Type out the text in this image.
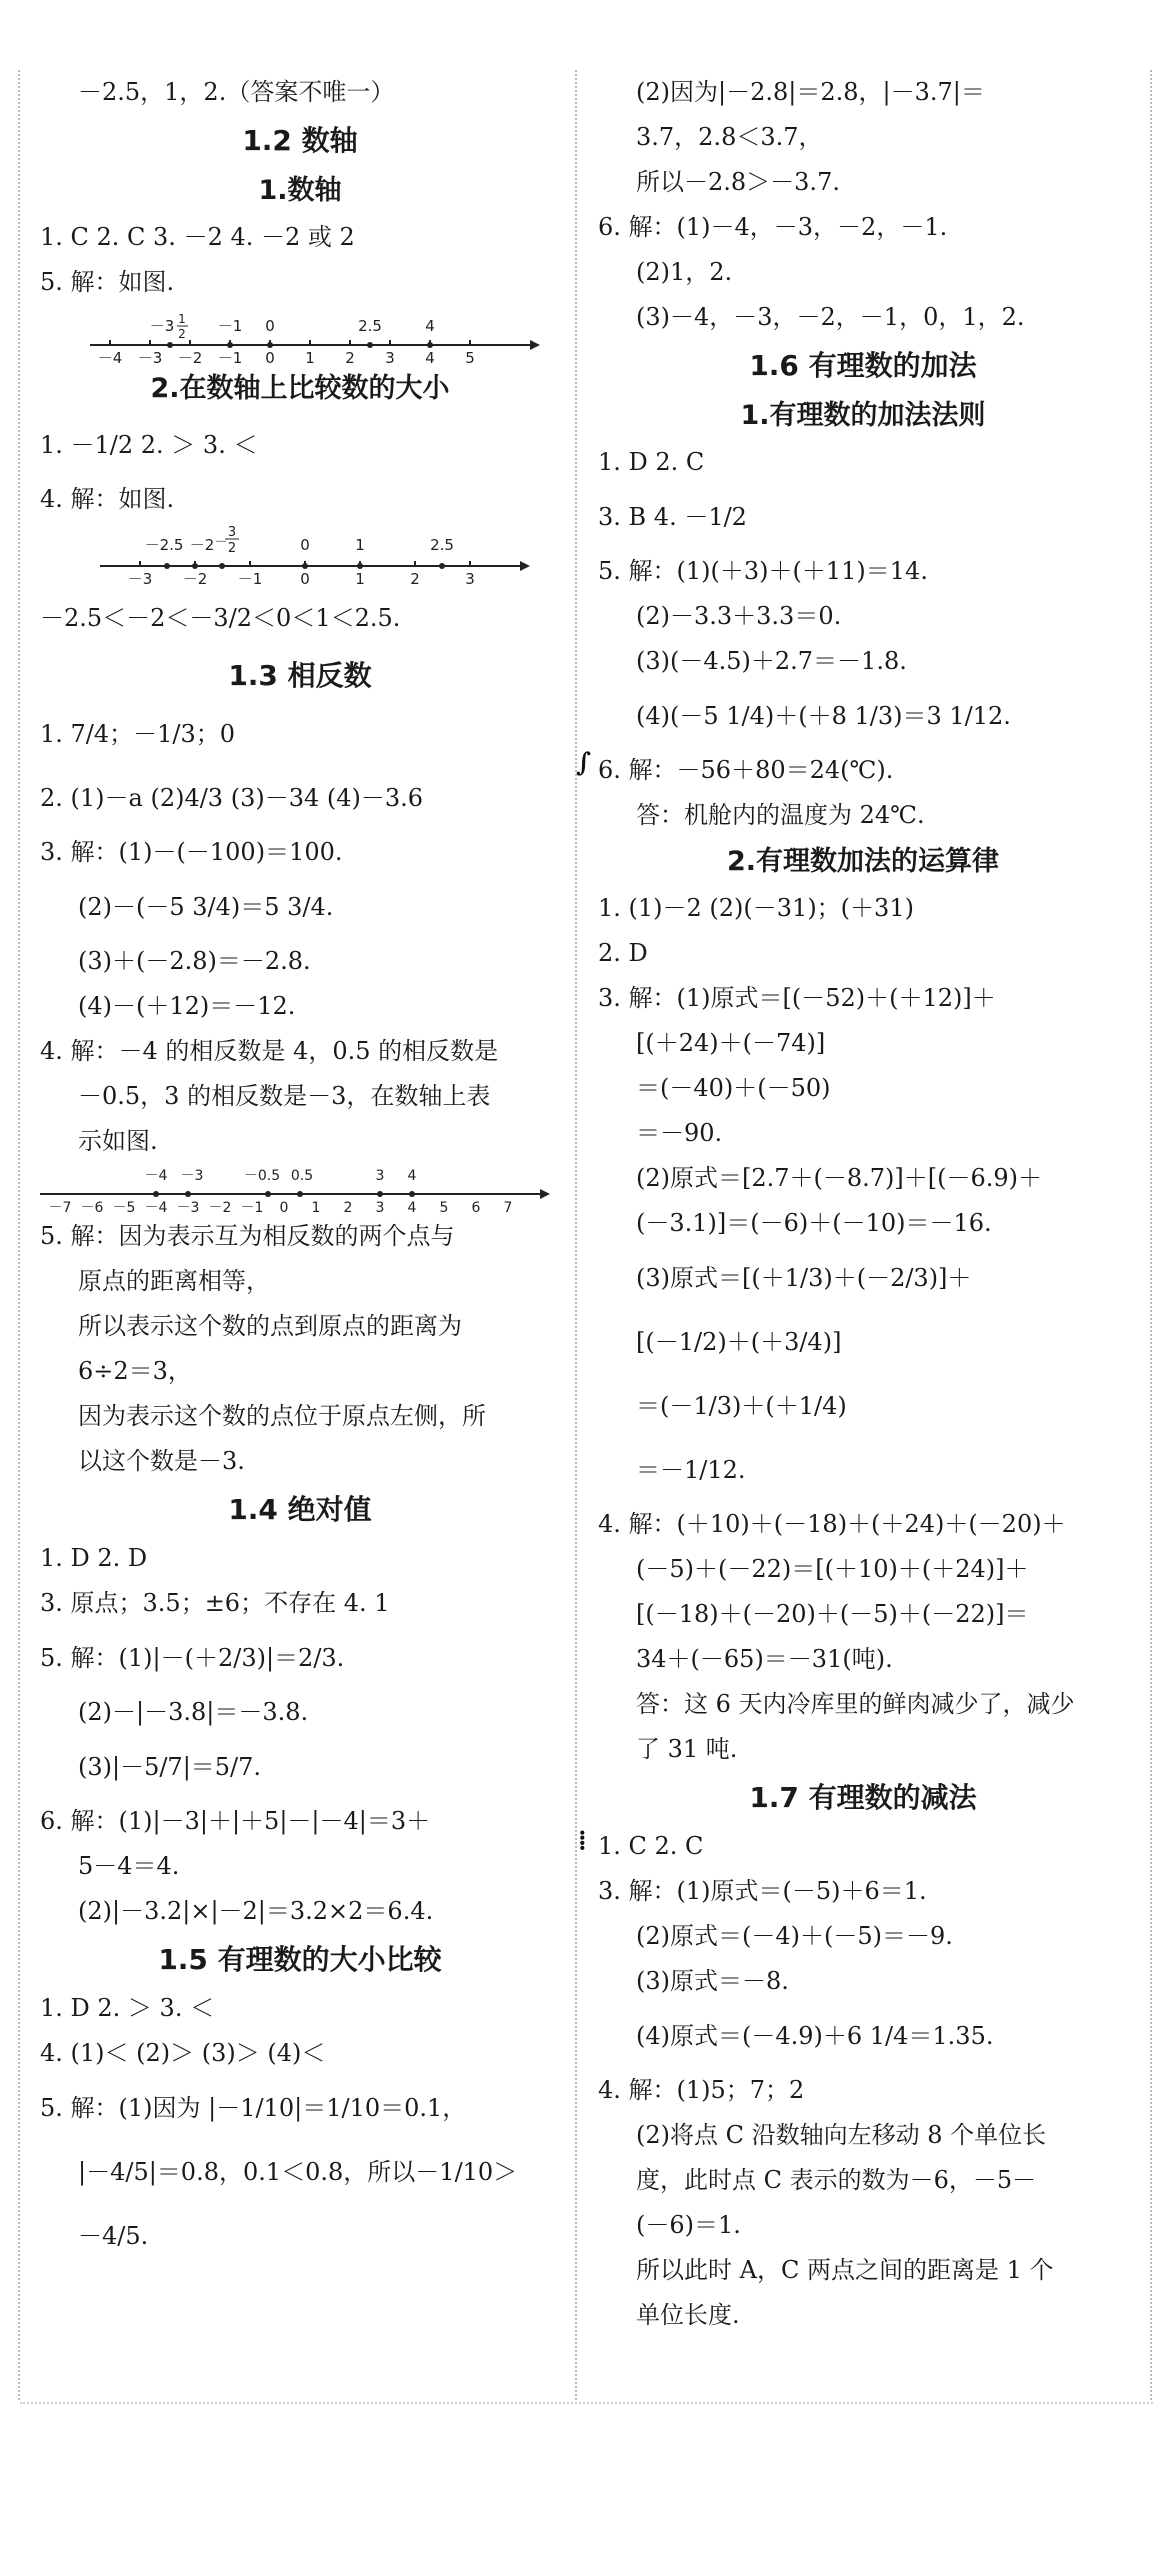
∫
⁞
－2.5，1，2.（答案不唯一）
1.2 数轴
1.数轴
1. C 2. C 3. －2 4. －2 或 2
5. 解：如图.
－4 －3 －2 －1 0 1 2 3 4 5
－3 1
2 －1 0	2.5	4
2.在数轴上比较数的大小
1. －1/2 2. ＞ 3. ＜
4. 解：如图.
－3 －2 －1	0	1	2	3
－2.5 －2
3
2
－	0	1	2.5
－2.5＜－2＜－3/2＜0＜1＜2.5.
1.3 相反数
1. 7/4；－1/3；0
2. (1)－a (2)4/3 (3)－34 (4)－3.6
3. 解：(1)－(－100)＝100.
(2)－(－5 3/4)＝5 3/4.
(3)＋(－2.8)＝－2.8.
(4)－(＋12)＝－12.
4. 解：－4 的相反数是 4，0.5 的相反数是
－0.5，3 的相反数是－3，在数轴上表
示如图.
－7 －6 －5 －4 －3 －2 －1 0 1 2 3 4 5 6 7
－4 －3	－0.5 0.5	3 4
5. 解：因为表示互为相反数的两个点与
原点的距离相等，
所以表示这个数的点到原点的距离为
6÷2＝3，
因为表示这个数的点位于原点左侧，所
以这个数是－3.
1.4 绝对值
1. D 2. D
3. 原点；3.5；±6；不存在 4. 1
5. 解：(1)|－(＋2/3)|＝2/3.
(2)－|－3.8|＝－3.8.
(3)|－5/7|＝5/7.
6. 解：(1)|－3|＋|＋5|－|－4|＝3＋
5－4＝4.
(2)|－3.2|×|－2|＝3.2×2＝6.4.
1.5 有理数的大小比较
1. D 2. ＞ 3. ＜
4. (1)＜ (2)＞ (3)＞ (4)＜
5. 解：(1)因为 |－1/10|＝1/10＝0.1，
|－4/5|＝0.8，0.1＜0.8，所以－1/10＞
－4/5.
(2)因为|－2.8|＝2.8，|－3.7|＝
3.7，2.8＜3.7，
所以－2.8＞－3.7.
6. 解：(1)－4，－3，－2，－1.
(2)1，2.
(3)－4，－3，－2，－1，0，1，2.
1.6 有理数的加法
1.有理数的加法法则
1. D 2. C
3. B 4. －1/2
5. 解：(1)(＋3)＋(＋11)＝14.
(2)－3.3＋3.3＝0.
(3)(－4.5)＋2.7＝－1.8.
(4)(－5 1/4)＋(＋8 1/3)＝3 1/12.
6. 解：－56＋80＝24(℃).
答：机舱内的温度为 24℃.
2.有理数加法的运算律
1. (1)－2 (2)(－31)；(＋31)
2. D
3. 解：(1)原式＝[(－52)＋(＋12)]＋
[(＋24)＋(－74)]
＝(－40)＋(－50)
＝－90.
(2)原式＝[2.7＋(－8.7)]＋[(－6.9)＋
(－3.1)]＝(－6)＋(－10)＝－16.
(3)原式＝[(＋1/3)＋(－2/3)]＋
[(－1/2)＋(＋3/4)]
＝(－1/3)＋(＋1/4)
＝－1/12.
4. 解：(＋10)＋(－18)＋(＋24)＋(－20)＋
(－5)＋(－22)＝[(＋10)＋(＋24)]＋
[(－18)＋(－20)＋(－5)＋(－22)]＝
34＋(－65)＝－31(吨).
答：这 6 天内冷库里的鲜肉减少了，减少
了 31 吨.
1.7 有理数的减法
1. C 2. C
3. 解：(1)原式＝(－5)＋6＝1.
(2)原式＝(－4)＋(－5)＝－9.
(3)原式＝－8.
(4)原式＝(－4.9)＋6 1/4＝1.35.
4. 解：(1)5；7；2
(2)将点 C 沿数轴向左移动 8 个单位长
度，此时点 C 表示的数为－6，－5－
(－6)＝1.
所以此时 A，C 两点之间的距离是 1 个
单位长度.
